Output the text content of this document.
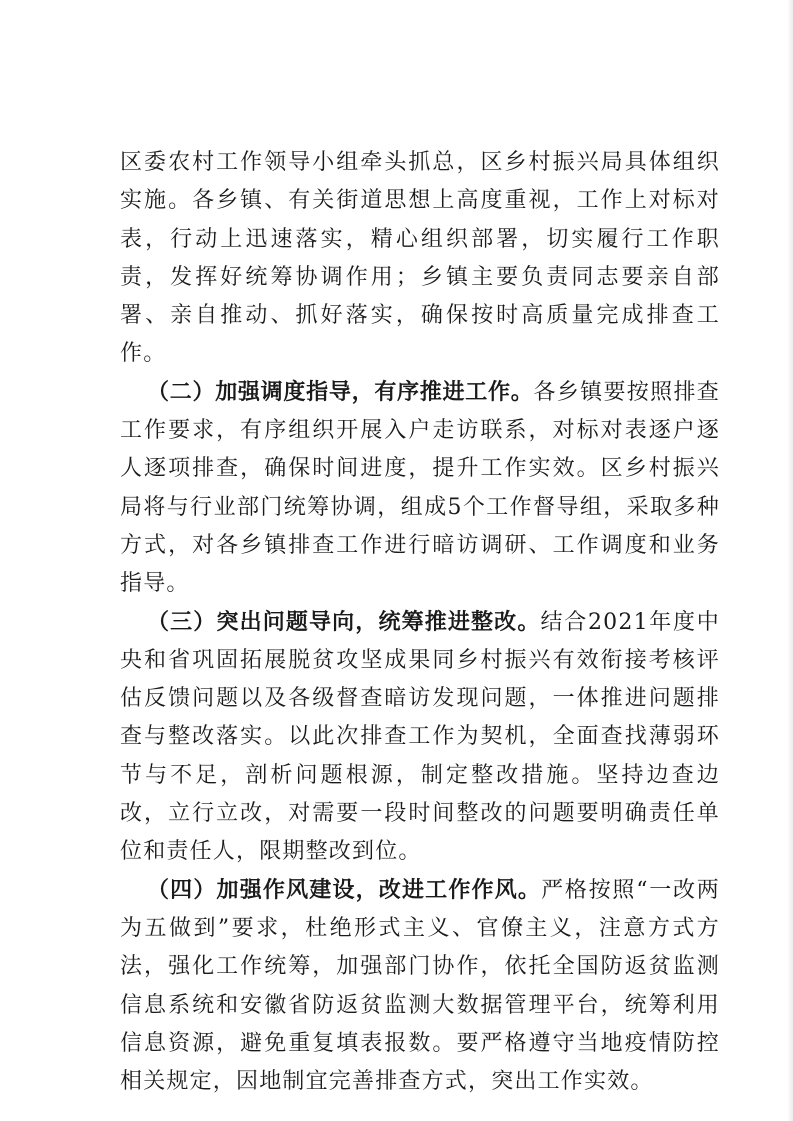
区委农村工作领导小组牵头抓总，区乡村振兴局具体组织实施。各乡镇、有关街道思想上高度重视，工作上对标对表，行动上迅速落实，精心组织部署，切实履行工作职责，发挥好统筹协调作用；乡镇主要负责同志要亲自部署、亲自推动、抓好落实，确保按时高质量完成排查工作。

（二）加强调度指导，有序推进工作。各乡镇要按照排查工作要求，有序组织开展入户走访联系，对标对表逐户逐人逐项排查，确保时间进度，提升工作实效。区乡村振兴局将与行业部门统筹协调，组成5个工作督导组，采取多种方式，对各乡镇排查工作进行暗访调研、工作调度和业务指导。

（三）突出问题导向，统筹推进整改。结合2021年度中央和省巩固拓展脱贫攻坚成果同乡村振兴有效衔接考核评估反馈问题以及各级督查暗访发现问题，一体推进问题排查与整改落实。以此次排查工作为契机，全面查找薄弱环节与不足，剖析问题根源，制定整改措施。坚持边查边改，立行立改，对需要一段时间整改的问题要明确责任单位和责任人，限期整改到位。

（四）加强作风建设，改进工作作风。严格按照“一改两为五做到”要求，杜绝形式主义、官僚主义，注意方式方法，强化工作统筹，加强部门协作，依托全国防返贫监测信息系统和安徽省防返贫监测大数据管理平台，统筹利用信息资源，避免重复填表报数。要严格遵守当地疫情防控相关规定，因地制宜完善排查方式，突出工作实效。
